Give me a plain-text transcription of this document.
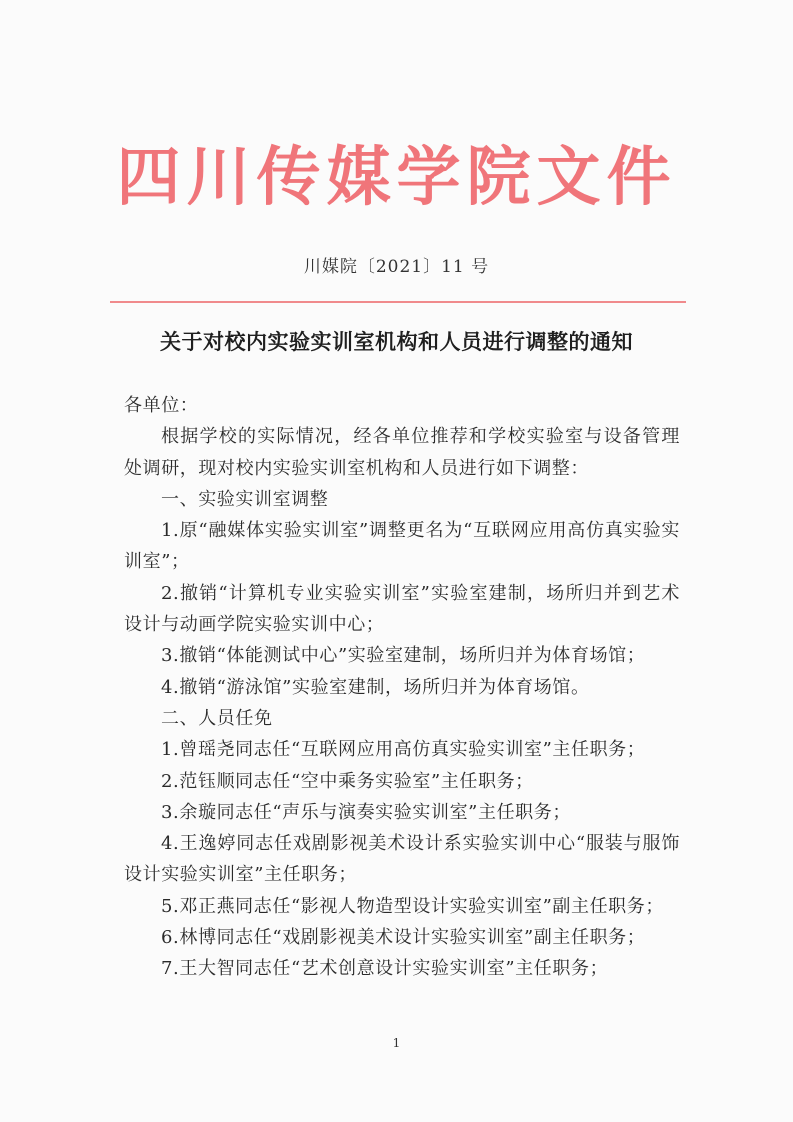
四川传媒学院文件
川媒院〔2021〕11 号
关于对校内实验实训室机构和人员进行调整的通知

各单位：

根据学校的实际情况，经各单位推荐和学校实验室与设备管理处调研，现对校内实验实训室机构和人员进行如下调整：

一、实验实训室调整

1.原“融媒体实验实训室”调整更名为“互联网应用高仿真实验实训室”；

2.撤销“计算机专业实验实训室”实验室建制，场所归并到艺术设计与动画学院实验实训中心；

3.撤销“体能测试中心”实验室建制，场所归并为体育场馆；

4.撤销“游泳馆”实验室建制，场所归并为体育场馆。

二、人员任免

1.曾瑶尧同志任“互联网应用高仿真实验实训室”主任职务；

2.范钰顺同志任“空中乘务实验室”主任职务；

3.余璇同志任“声乐与演奏实验实训室”主任职务；

4.王逸婷同志任戏剧影视美术设计系实验实训中心“服装与服饰设计实验实训室”主任职务；

5.邓正燕同志任“影视人物造型设计实验实训室”副主任职务；

6.林博同志任“戏剧影视美术设计实验实训室”副主任职务；

7.王大智同志任“艺术创意设计实验实训室”主任职务；

1
